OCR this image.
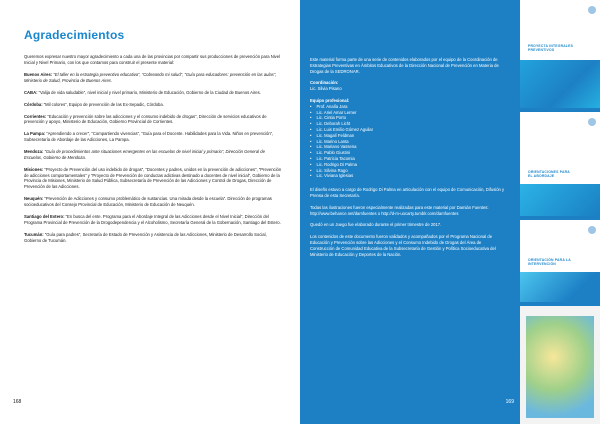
Agradecimientos

Queremos expresar nuestro mayor agradecimiento a cada una de las provincias por compartir sus producciones de prevención para Nivel Inicial y Nivel Primario, con los que contamos para construir el presente material:

Buenos Aires: “El taller en la estrategia preventivo educativa”, “Cobreando mi salud”, “Guía para educadores: prevención en las aulas”, Ministerio de Salud, Provincia de Buenos Aires.

CABA: “Valija de vida saludable”, nivel inicial y nivel primario, Ministerio de Educación, Gobierno de la Ciudad de Buenos Aires.

Córdoba: “Mil colores”, Equipo de prevención de las Ex-Sepadic, Córdoba.

Corrientes: “Educación y prevención sobre las adicciones y el consumo indebido de drogas”, Dirección de servicios educativos de prevención y apoyo, Ministerio de Educación, Gobierno Provincial de Corrientes.

La Pampa: “Aprendiendo a crecer”, “Compartiendo vivencias”, “Guía para el Docente. Habilidades para la Vida. Niños en prevención”, Subsecretaría de Abordaje de las Adicciones, La Pampa.

Mendoza: “Guía de procedimientos ante situaciones emergentes en las escuelas de nivel inicial y primario”, Dirección General de Escuelas, Gobierno de Mendoza.

Misiones: “Proyecto de Prevención del uso indebido de drogas”, “Docentes y padres, unidos en la prevención de adicciones”, “Prevención de adicciones comportamentales” y “Proyecto de Prevención de conductas adictivas destinado a docentes de nivel inicial”, Gobierno de la Provincia de Misiones, Ministerio de Salud Pública, Subsecretaría de Prevención de las Adicciones y Control de Drogas, Dirección de Prevención de las Adicciones.

Neuquén: “Prevención de Adicciones y consumo problemático de sustancias. Una mirada desde la escuela”. Dirección de programas socioeducativos del Consejo Provincial de Educación, Ministerio de Educación de Neuquén.

Santiago del Estero: “En busca del ente. Programa para el Abordaje Integral de las Adicciones desde el Nivel Inicial”, Dirección del Programa Provincial de Prevención de la Drogodependencia y el Alcoholismo, Secretaría General de la Gobernación, Santiago del Estero.

Tucumán: “Guía para padres”, Secretaría de Estado de Prevención y Asistencia de las Adicciones, Ministerio de Desarrollo Social, Gobierno de Tucumán.

168

Este material forma parte de una serie de contenidos elaborados por el equipo de la Coordinación de Estrategias Preventivas en Ámbitos Educativos de la Dirección Nacional de Prevención en Materia de Drogas de la SEDRONAR.

Coordinación:

Lic. Silvia Pisano

Equipo profesional:

• Prof. Analía Jara
• Lic. Ariel Amar Lerner
• Lic. Cintia Porto
• Lic. Deborah Licht
• Lic. Luis Emilio Gómez Aguilar
• Lic. Magalí Feldman
• Lic. Marino Lanta
• Lic. Mariano Vassena
• Lic. Pablo Giustini
• Lic. Patricia Tacomia
• Lic. Rodrigo Di Palma
• Lic. Silvina Rago
• Lic. Viviana Iglesias

El diseño estuvo a cargo de Rodrigo Di Palma en articulación con el equipo de Comunicación, Difusión y Prensa de esta Secretaría.

Todas las ilustraciones fueron especialmente realizadas para este material por Damián Fuentes: http://www.behance.net/damfuentes o http://d-m-uocarty.tumblr.com/damfuentes

Quedó en un Juego fue elaborado durante el primer trimestre de 2017.

Los contenidos de este documento fueron validados y acompañados por el Programa Nacional de Educación y Prevención sobre las Adicciones y el Consumo Indebido de Drogas del Área de Construcción de Comunidad Educativa de la Subsecretaría de Gestión y Política Socioeducativa del Ministerio de Educación y Deportes de la Nación.

PROYECTA INTEGRALES
PREVENTIVOS
ORIENTACIONES PARA
EL ABORDAJE
ORIENTACIÓN PARA LA
INTERVENCIÓN
169
